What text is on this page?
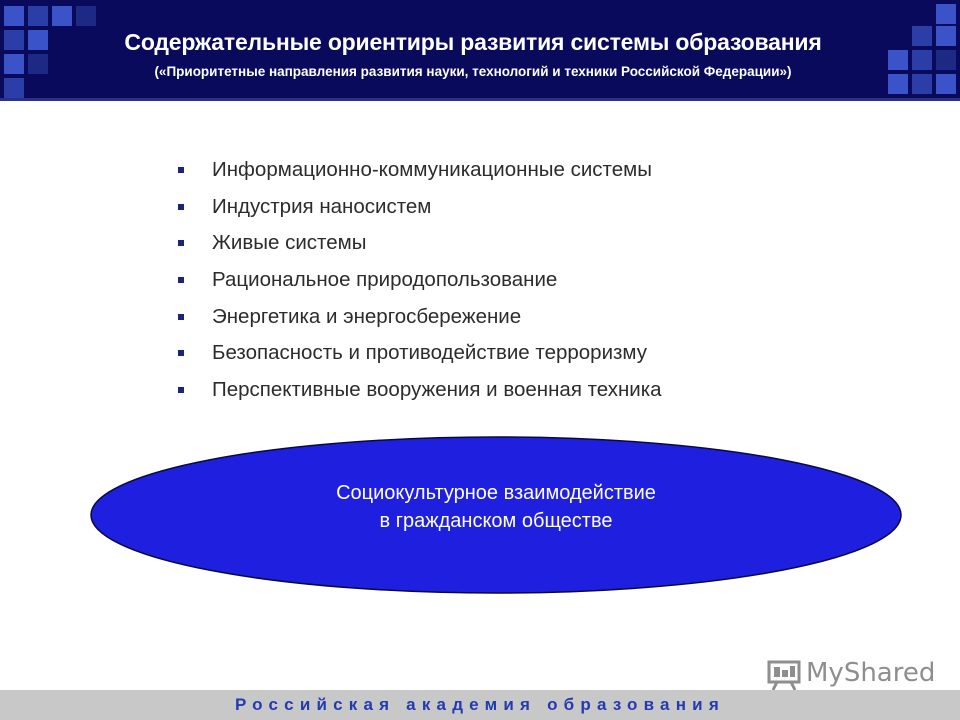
Содержательные ориентиры развития системы образования
(«Приоритетные направления развития науки, технологий и техники Российской Федерации»)
Информационно-коммуникационные системы
Индустрия наносистем
Живые системы
Рациональное природопользование
Энергетика и энергосбережение
Безопасность и противодействие терроризму
Перспективные вооружения и военная техника
Социокультурное взаимодействие
в гражданском обществе
MyShared
Российская академия образования
